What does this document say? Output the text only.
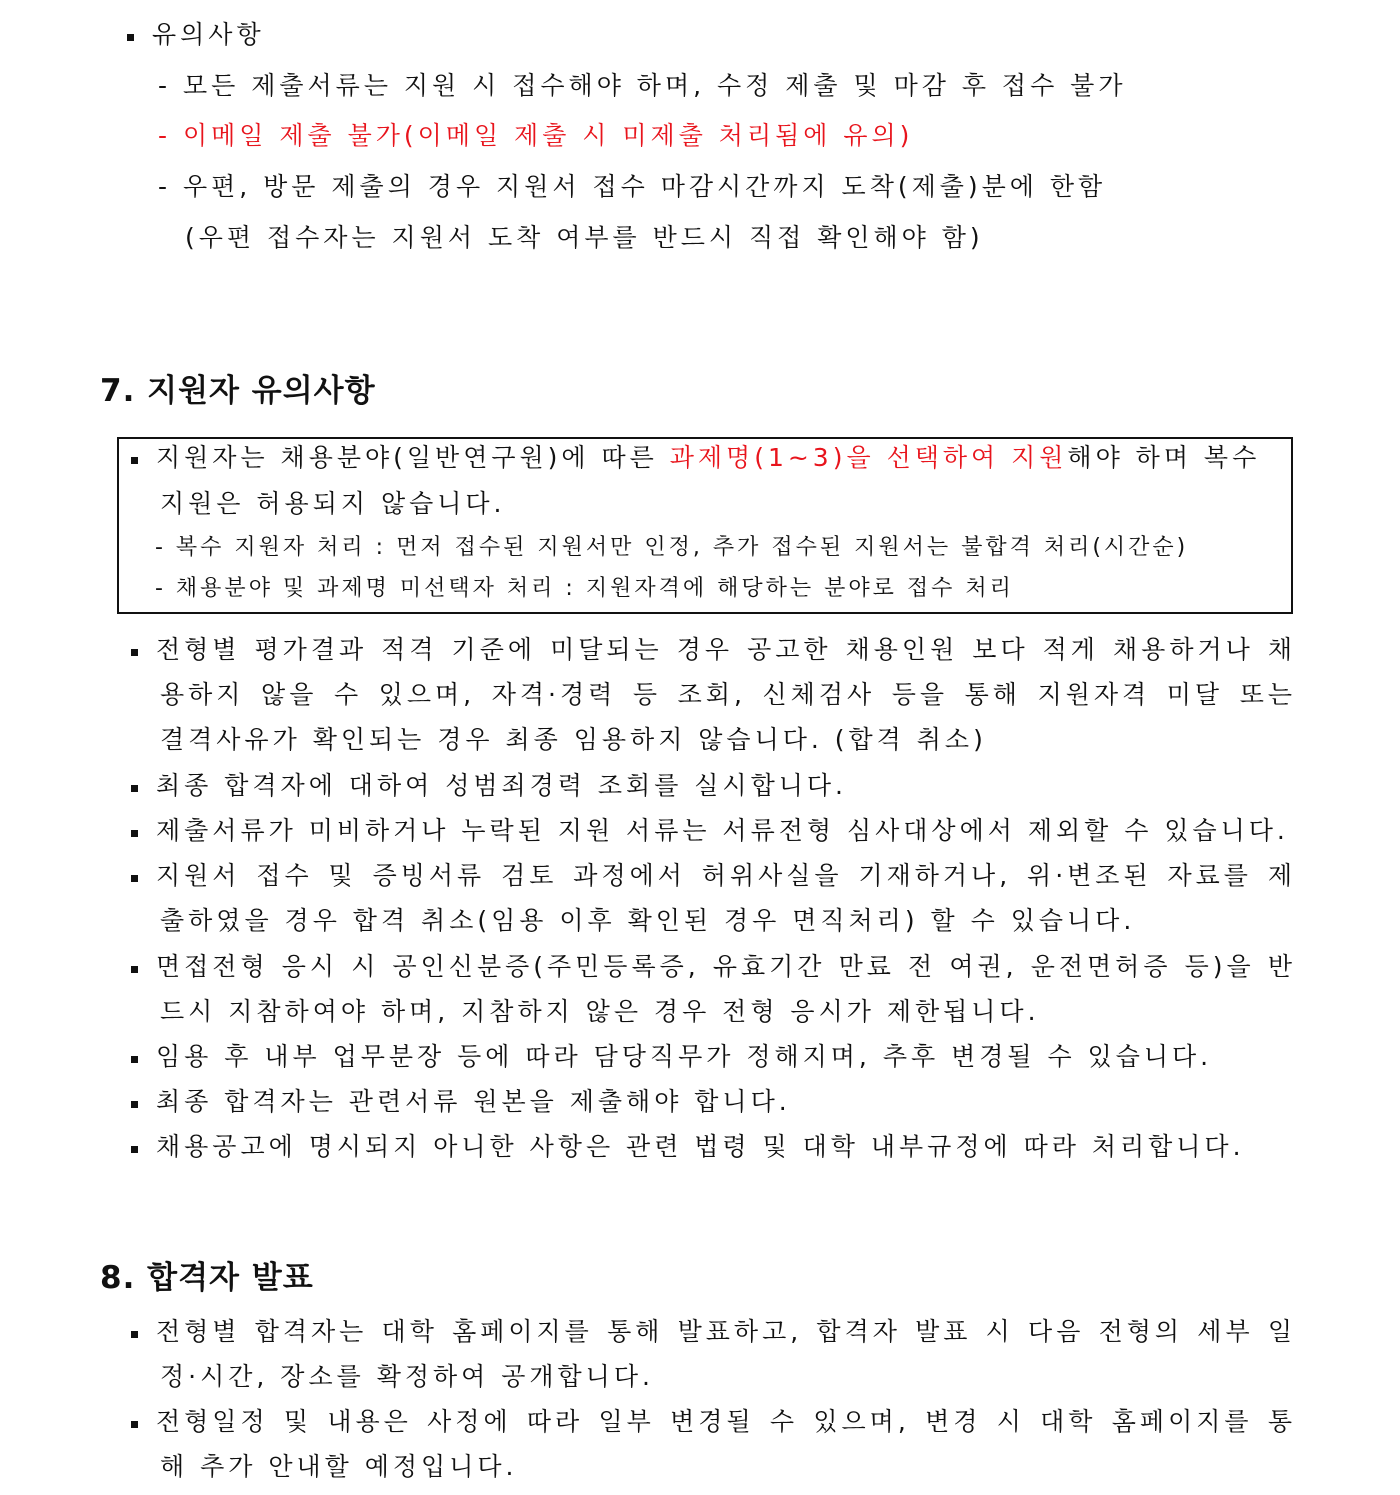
유의사항
- 모든 제출서류는 지원 시 접수해야 하며, 수정 제출 및 마감 후 접수 불가
- 이메일 제출 불가(이메일 제출 시 미제출 처리됨에 유의)
- 우편, 방문 제출의 경우 지원서 접수 마감시간까지 도착(제출)분에 한함
(우편 접수자는 지원서 도착 여부를 반드시 직접 확인해야 함)
7. 지원자 유의사항
지원자는 채용분야(일반연구원)에 따른 과제명(1~3)을 선택하여 지원해야 하며 복수
지원은 허용되지 않습니다.
- 복수 지원자 처리 : 먼저 접수된 지원서만 인정, 추가 접수된 지원서는 불합격 처리(시간순)
- 채용분야 및 과제명 미선택자 처리 : 지원자격에 해당하는 분야로 접수 처리
전형별 평가결과 적격 기준에 미달되는 경우 공고한 채용인원 보다 적게 채용하거나 채
용하지 않을 수 있으며, 자격·경력 등 조회, 신체검사 등을 통해 지원자격 미달 또는
결격사유가 확인되는 경우 최종 임용하지 않습니다. (합격 취소)
최종 합격자에 대하여 성범죄경력 조회를 실시합니다.
제출서류가 미비하거나 누락된 지원 서류는 서류전형 심사대상에서 제외할 수 있습니다.
지원서 접수 및 증빙서류 검토 과정에서 허위사실을 기재하거나, 위·변조된 자료를 제
출하였을 경우 합격 취소(임용 이후 확인된 경우 면직처리) 할 수 있습니다.
면접전형 응시 시 공인신분증(주민등록증, 유효기간 만료 전 여권, 운전면허증 등)을 반
드시 지참하여야 하며, 지참하지 않은 경우 전형 응시가 제한됩니다.
임용 후 내부 업무분장 등에 따라 담당직무가 정해지며, 추후 변경될 수 있습니다.
최종 합격자는 관련서류 원본을 제출해야 합니다.
채용공고에 명시되지 아니한 사항은 관련 법령 및 대학 내부규정에 따라 처리합니다.
8. 합격자 발표
전형별 합격자는 대학 홈페이지를 통해 발표하고, 합격자 발표 시 다음 전형의 세부 일
정·시간, 장소를 확정하여 공개합니다.
전형일정 및 내용은 사정에 따라 일부 변경될 수 있으며, 변경 시 대학 홈페이지를 통
해 추가 안내할 예정입니다.
